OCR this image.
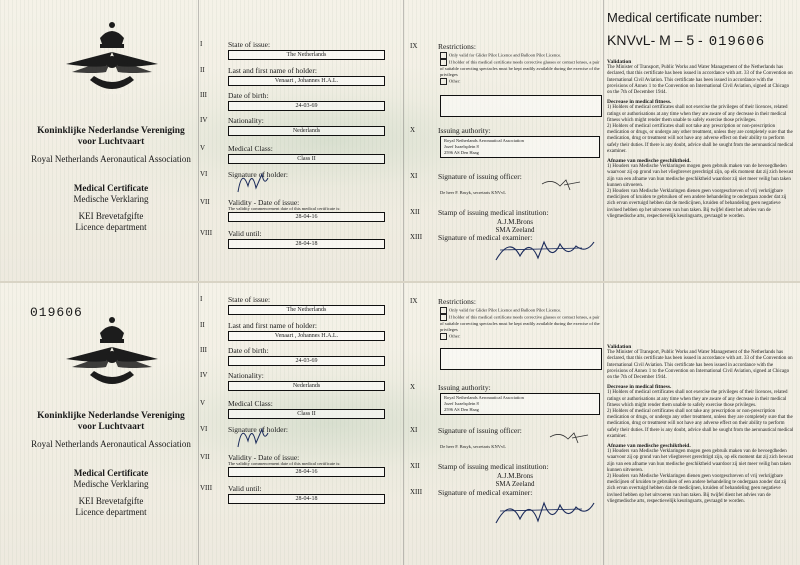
KNVvL
Koninklijke Nederlandse Vereniging
voor Luchtvaart
Royal Netherlands Aeronautical Association
Medical Certificate
Medische Verklaring
KEI Brevetafgifte
Licence department
I	State of issue:
The Netherlands
II	Last and first name of holder:
Venaart , Johannes H.A.L.
III	Date of birth:
24-03-69
IV	Nationality:
Nederlands
V	Medical Class:
Class II
VI	Signature of holder:
VII	Validity - Date of issue:
The validity commencement date of this medical certificate is:
28-04-16
VIII	Valid until:
28-04-18
IX	Restrictions:
Only valid for Glider Pilot Licence and Balloon Pilot Licence.
If holder of this medical certificate needs corrective glasses or contact lenses, a pair of suitable correcting spectacles must be kept readily available during the exercise of the privileges
Other:
X	Issuing authority:
Royal Netherlands Aeronautical Association
Jozef Israelsplein 8
2596 AS Den Haag
XI	Signature of issuing officer:
De heer F. Bruyk, secretaris KNVvL
XII Stamp of issuing medical institution:
A.J.M.Brons
SMA Zeeland
XIII Signature of medical examiner:
Medical certificate number:
KNVvL- M – 5 - 019606
Validation

The Minister of Transport, Public Works and Water Management of the Netherlands has declared, that this certificate has been issued in accordance with art. 33 of the Convention on International Civil Aviation. This certificate has been issued in accordance with the provisions of Annex 1 to the Convention on International Civil Aviation, signed at Chicago on the 7th of December 1944.

Decrease in medical fitness.

1) Holders of medical certificates shall not exercise the privileges of their licences, related ratings or authorisations at any time when they are aware of any decrease in their medical fitness which might render them unable to safely exercise those privileges.

2) Holders of medical certificates shall not take any prescription or non-prescription medication or drugs, or undergo any other treatment, unless they are completely sure that the medication, drug or treatment will not have any adverse effect on their ability to perform safely their duties. If there is any doubt, advice shall be sought from the aeronautical medical examiner.

Afname van medische geschiktheid.

1) Houders van Medische Verklaringen mogen geen gebruik maken van de bevoegdheden waarvoor zij op grond van het vliegbrevet gerechtigd zijn, op elk moment dat zij zich bewust zijn van een afname van hun medische geschiktheid waardoor zij niet meer veilig hun taken kunnen uitvoeren.

2) Houders van Medische Verklaringen dienen geen voorgeschreven of vrij verkrijgbare medicijnen of kruiden te gebruiken of een andere behandeling te ondergaan zonder dat zij zich ervan overtuigd hebben dat de medicijnen, kruiden of behandeling geen negatieve invloed hebben op het uitvoeren van hun taken. Bij twijfel dient het advies van de vliegmedische arts, respectievelijk keuringsarts, gevraagd te worden.

019606
KNVvL
Koninklijke Nederlandse Vereniging
voor Luchtvaart
Royal Netherlands Aeronautical Association
Medical Certificate
Medische Verklaring
KEI Brevetafgifte
Licence department
I	State of issue:
The Netherlands
II	Last and first name of holder:
Venaart , Johannes H.A.L.
III	Date of birth:
24-03-69
IV	Nationality:
Nederlands
V	Medical Class:
Class II
VI	Signature of holder:
VII	Validity - Date of issue:
The validity commencement date of this medical certificate is:
28-04-16
VIII	Valid until:
28-04-18
IX	Restrictions:
Only valid for Glider Pilot Licence and Balloon Pilot Licence.
If holder of this medical certificate needs corrective glasses or contact lenses, a pair of suitable correcting spectacles must be kept readily available during the exercise of the privileges
Other:
X	Issuing authority:
Royal Netherlands Aeronautical Association
Jozef Israelsplein 8
2596 AS Den Haag
XI	Signature of issuing officer:
De heer F. Bruyk, secretaris KNVvL
XII Stamp of issuing medical institution:
A.J.M.Brons
SMA Zeeland
XIII Signature of medical examiner:
Validation

The Minister of Transport, Public Works and Water Management of the Netherlands has declared, that this certificate has been issued in accordance with art. 33 of the Convention on International Civil Aviation. This certificate has been issued in accordance with the provisions of Annex 1 to the Convention on International Civil Aviation, signed at Chicago on the 7th of December 1944.

Decrease in medical fitness.

1) Holders of medical certificates shall not exercise the privileges of their licences, related ratings or authorisations at any time when they are aware of any decrease in their medical fitness which might render them unable to safely exercise those privileges.

2) Holders of medical certificates shall not take any prescription or non-prescription medication or drugs, or undergo any other treatment, unless they are completely sure that the medication, drug or treatment will not have any adverse effect on their ability to perform safely their duties. If there is any doubt, advice shall be sought from the aeronautical medical examiner.

Afname van medische geschiktheid.

1) Houders van Medische Verklaringen mogen geen gebruik maken van de bevoegdheden waarvoor zij op grond van het vliegbrevet gerechtigd zijn, op elk moment dat zij zich bewust zijn van een afname van hun medische geschiktheid waardoor zij niet meer veilig hun taken kunnen uitvoeren.

2) Houders van Medische Verklaringen dienen geen voorgeschreven of vrij verkrijgbare medicijnen of kruiden te gebruiken of een andere behandeling te ondergaan zonder dat zij zich ervan overtuigd hebben dat de medicijnen, kruiden of behandeling geen negatieve invloed hebben op het uitvoeren van hun taken. Bij twijfel dient het advies van de vliegmedische arts, respectievelijk keuringsarts, gevraagd te worden.
